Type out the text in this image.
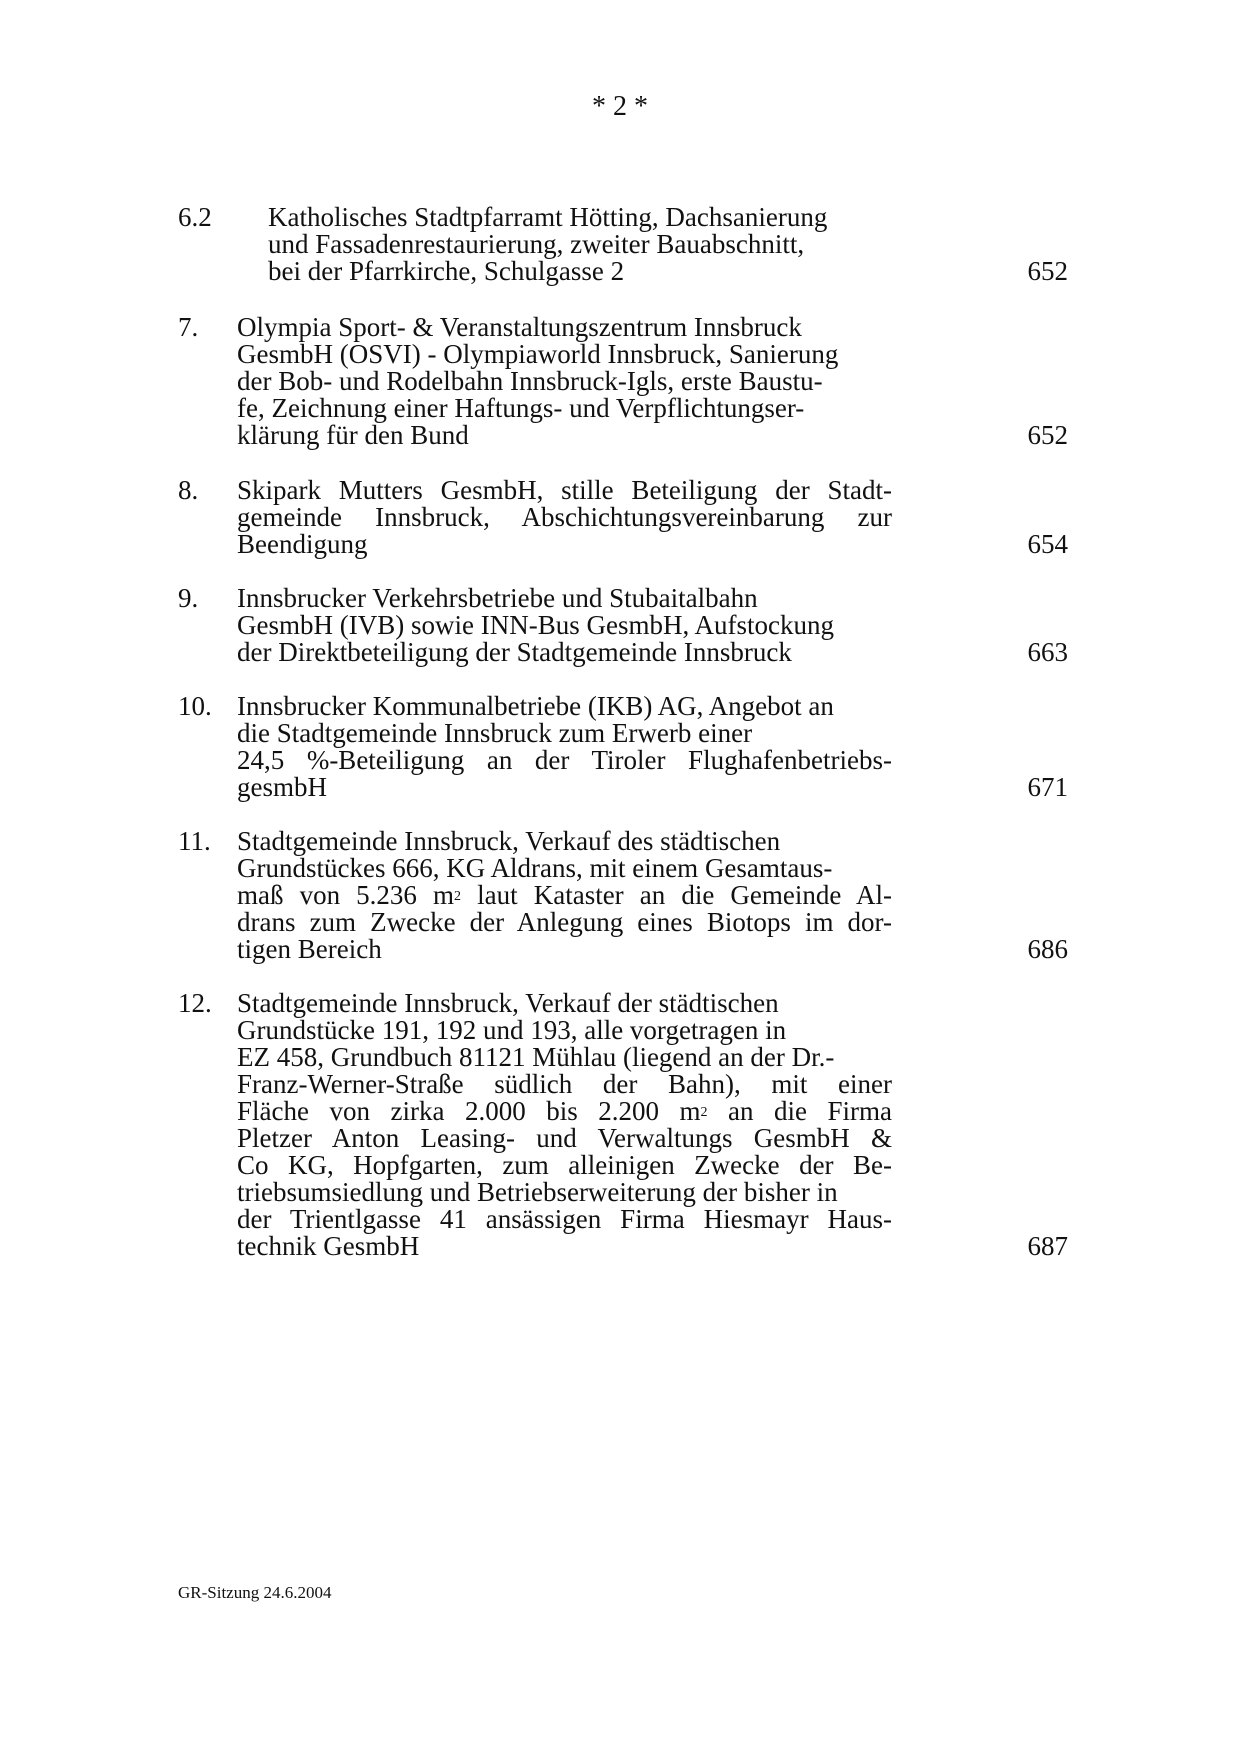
* 2 *
6.2 Katholisches Stadtpfarramt Hötting, Dachsanierung
und Fassadenrestaurierung, zweiter Bauabschnitt,
bei der Pfarrkirche, Schulgasse 2	652
7. Olympia Sport- & Veranstaltungszentrum Innsbruck
GesmbH (OSVI) - Olympiaworld Innsbruck, Sanierung
der Bob- und Rodelbahn Innsbruck-Igls, erste Baustu-
fe, Zeichnung einer Haftungs- und Verpflichtungser-
klärung für den Bund	652
8. Skipark Mutters GesmbH, stille Beteiligung der Stadt-
gemeinde Innsbruck, Abschichtungsvereinbarung zur
Beendigung	654
9. Innsbrucker Verkehrsbetriebe und Stubaitalbahn
GesmbH (IVB) sowie INN-Bus GesmbH, Aufstockung
der Direktbeteiligung der Stadtgemeinde Innsbruck	663
10. Innsbrucker Kommunalbetriebe (IKB) AG, Angebot an
die Stadtgemeinde Innsbruck zum Erwerb einer
24,5 %-Beteiligung an der Tiroler Flughafenbetriebs-
gesmbH	671
11. Stadtgemeinde Innsbruck, Verkauf des städtischen
Grundstückes 666, KG Aldrans, mit einem Gesamtaus-
maß von 5.236 $m^2$ laut Kataster an die Gemeinde Al-
drans zum Zwecke der Anlegung eines Biotops im dor-
tigen Bereich	686
12. Stadtgemeinde Innsbruck, Verkauf der städtischen
Grundstücke 191, 192 und 193, alle vorgetragen in
EZ 458, Grundbuch 81121 Mühlau (liegend an der Dr.-
Franz-Werner-Straße südlich der Bahn), mit einer
Fläche von zirka 2.000 bis 2.200 $m^2$ an die Firma
Pletzer Anton Leasing- und Verwaltungs GesmbH &
Co KG, Hopfgarten, zum alleinigen Zwecke der Be-
triebsumsiedlung und Betriebserweiterung der bisher in
der Trientlgasse 41 ansässigen Firma Hiesmayr Haus-
technik GesmbH	687
GR-Sitzung 24.6.2004
